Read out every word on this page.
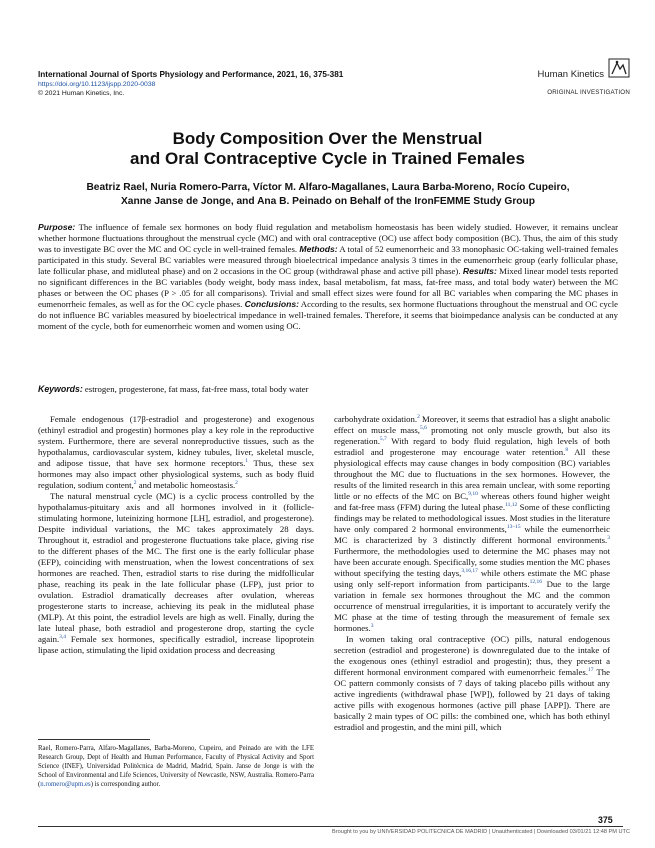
International Journal of Sports Physiology and Performance, 2021, 16, 375-381
https://doi.org/10.1123/ijspp.2020-0038
© 2021 Human Kinetics, Inc.
Human Kinetics
ORIGINAL INVESTIGATION
Body Composition Over the Menstrual
and Oral Contraceptive Cycle in Trained Females
Beatriz Rael, Nuria Romero-Parra, Víctor M. Alfaro-Magallanes, Laura Barba-Moreno, Rocío Cupeiro,
Xanne Janse de Jonge, and Ana B. Peinado on Behalf of the IronFEMME Study Group
Purpose: The influence of female sex hormones on body fluid regulation and metabolism homeostasis has been widely studied. However, it remains unclear whether hormone fluctuations throughout the menstrual cycle (MC) and with oral contraceptive (OC) use affect body composition (BC). Thus, the aim of this study was to investigate BC over the MC and OC cycle in well-trained females. Methods: A total of 52 eumenorrheic and 33 monophasic OC-taking well-trained females participated in this study. Several BC variables were measured through bioelectrical impedance analysis 3 times in the eumenorrheic group (early follicular phase, late follicular phase, and midluteal phase) and on 2 occasions in the OC group (withdrawal phase and active pill phase). Results: Mixed linear model tests reported no significant differences in the BC variables (body weight, body mass index, basal metabolism, fat mass, fat-free mass, and total body water) between the MC phases or between the OC phases (P > .05 for all comparisons). Trivial and small effect sizes were found for all BC variables when comparing the MC phases in eumenorrheic females, as well as for the OC cycle phases. Conclusions: According to the results, sex hormone fluctuations throughout the menstrual and OC cycle do not influence BC variables measured by bioelectrical impedance in well-trained females. Therefore, it seems that bioimpedance analysis can be conducted at any moment of the cycle, both for eumenorrheic women and women using OC.
Keywords: estrogen, progesterone, fat mass, fat-free mass, total body water

Female endogenous (17β-estradiol and progesterone) and exogenous (ethinyl estradiol and progestin) hormones play a key role in the reproductive system. Furthermore, there are several nonreproductive tissues, such as the hypothalamus, cardiovascular system, kidney tubules, liver, skeletal muscle, and adipose tissue, that have sex hormone receptors.$^1$ Thus, these sex hormones may also impact other physiological systems, such as body fluid regulation, sodium content,$^2$ and metabolic homeostasis.$^2$

The natural menstrual cycle (MC) is a cyclic process controlled by the hypothalamus-pituitary axis and all hormones involved in it (follicle-stimulating hormone, luteinizing hormone [LH], estradiol, and progesterone). Despite individual variations, the MC takes approximately 28 days. Throughout it, estradiol and progesterone fluctuations take place, giving rise to the different phases of the MC. The first one is the early follicular phase (EFP), coinciding with menstruation, when the lowest concentrations of sex hormones are reached. Then, estradiol starts to rise during the midfollicular phase, reaching its peak in the late follicular phase (LFP), just prior to ovulation. Estradiol dramatically decreases after ovulation, whereas progesterone starts to increase, achieving its peak in the midluteal phase (MLP). At this point, the estradiol levels are high as well. Finally, during the late luteal phase, both estradiol and progesterone drop, starting the cycle again.$^{3,4}$ Female sex hormones, specifically estradiol, increase lipoprotein lipase action, stimulating the lipid oxidation process and decreasing

carbohydrate oxidation.$^2$ Moreover, it seems that estradiol has a slight anabolic effect on muscle mass,$^{5,6}$ promoting not only muscle growth, but also its regeneration.$^{5,7}$ With regard to body fluid regulation, high levels of both estradiol and progesterone may encourage water retention.$^8$ All these physiological effects may cause changes in body composition (BC) variables throughout the MC due to fluctuations in the sex hormones. However, the results of the limited research in this area remain unclear, with some reporting little or no effects of the MC on BC,$^{9,10}$ whereas others found higher weight and fat-free mass (FFM) during the luteal phase.$^{11,12}$ Some of these conflicting findings may be related to methodological issues. Most studies in the literature have only compared 2 hormonal environments,$^{13-15}$ while the eumenorrheic MC is characterized by 3 distinctly different hormonal environments.$^3$ Furthermore, the methodologies used to determine the MC phases may not have been accurate enough. Specifically, some studies mention the MC phases without specifying the testing days,$^{3,16,17}$ while others estimate the MC phase using only self-report information from participants.$^{12,16}$ Due to the large variation in female sex hormones throughout the MC and the common occurrence of menstrual irregularities, it is important to accurately verify the MC phase at the time of testing through the measurement of female sex hormones.$^3$

In women taking oral contraceptive (OC) pills, natural endogenous secretion (estradiol and progesterone) is downregulated due to the intake of the exogenous ones (ethinyl estradiol and progestin); thus, they present a different hormonal environment compared with eumenorrheic females.$^{17}$ The OC pattern commonly consists of 7 days of taking placebo pills without any active ingredients (withdrawal phase [WP]), followed by 21 days of taking active pills with exogenous hormones (active pill phase [APP]). There are basically 2 main types of OC pills: the combined one, which has both ethinyl estradiol and progestin, and the mini pill, which

Rael, Romero-Parra, Alfaro-Magallanes, Barba-Moreno, Cupeiro, and Peinado are with the LFE Research Group, Dept of Health and Human Performance, Faculty of Physical Activity and Sport Science (INEF), Universidad Politécnica de Madrid, Madrid, Spain. Janse de Jonge is with the School of Environmental and Life Sciences, University of Newcastle, NSW, Australia. Romero-Parra (n.romero@upm.es) is corresponding author.
375
Brought to you by UNIVERSIDAD POLITECNICA DE MADRID | Unauthenticated | Downloaded 03/01/21 12:48 PM UTC
